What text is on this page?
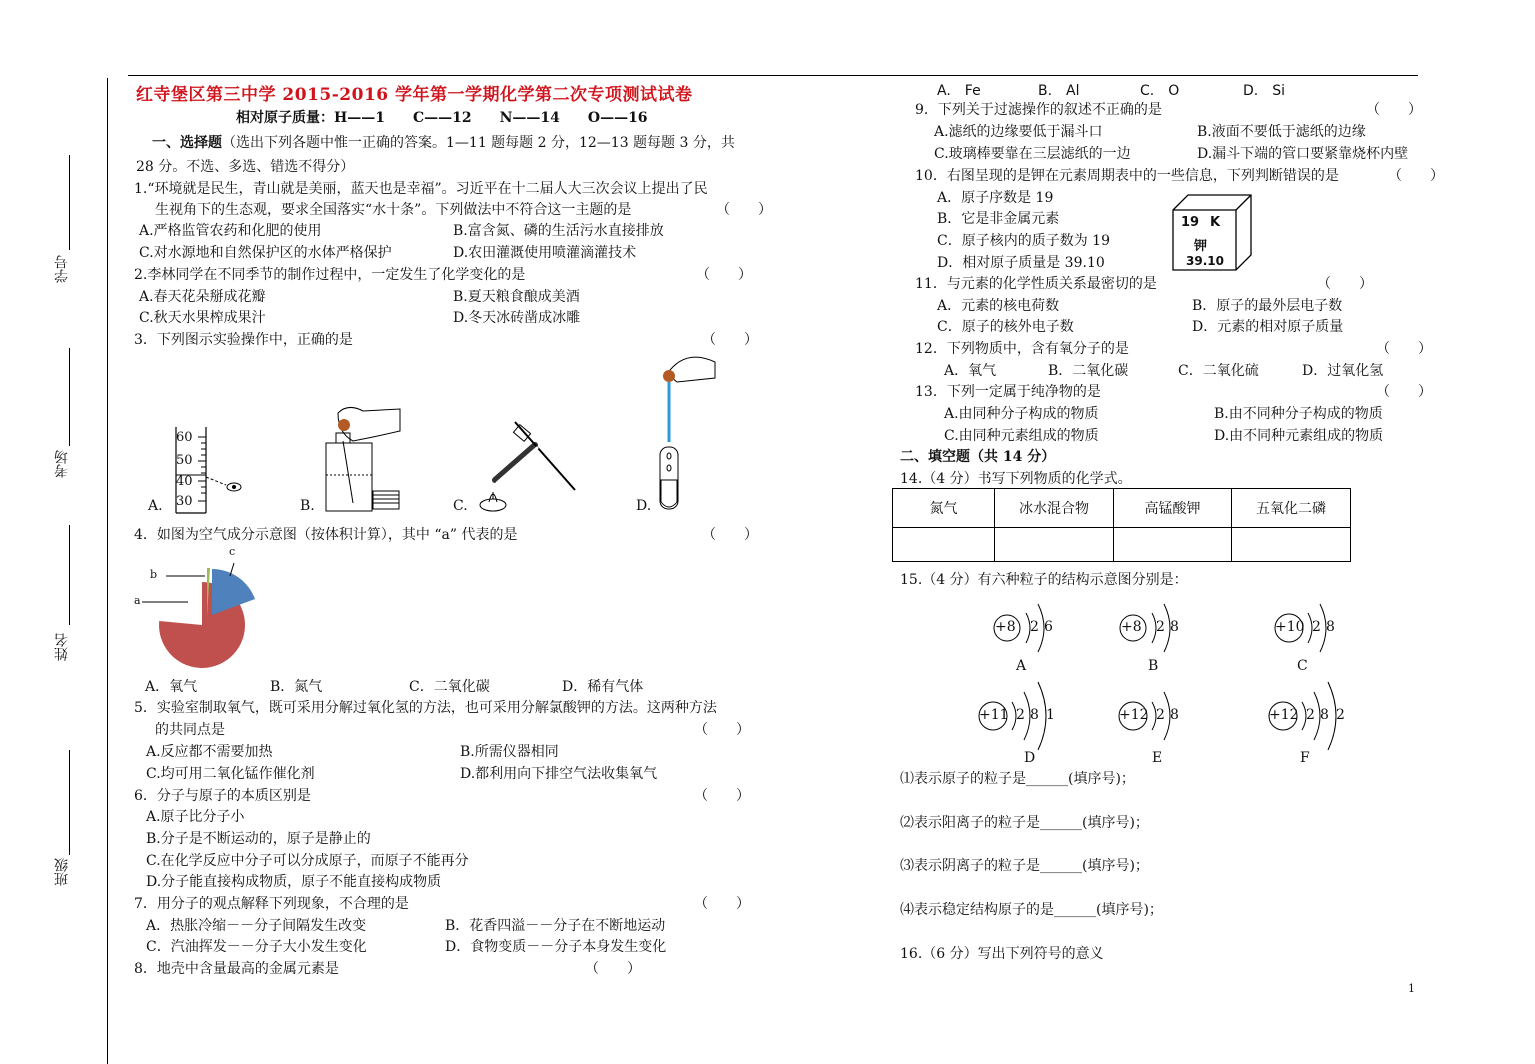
学号
考场
姓名
班级
红寺堡区第三中学 2015-2016 学年第一学期化学第二次专项测试试卷
相对原子质量：H——1　　C——12　　N——14　　O——16
一、选择题（选出下列各题中惟一正确的答案。1—11 题每题 2 分，12—13 题每题 3 分，共
28 分。不选、多选、错选不得分）
1.“环境就是民生，青山就是美丽，蓝天也是幸福”。习近平在十二届人大三次会议上提出了民
生视角下的生态观，要求全国落实“水十条”。下列做法中不符合这一主题的是	（　　）
A.严格监管农药和化肥的使用	B.富含氮、磷的生活污水直接排放
C.对水源地和自然保护区的水体严格保护	D.农田灌溉使用喷灌滴灌技术
2.李林同学在不同季节的制作过程中，一定发生了化学变化的是	（　　）
A.春天花朵掰成花瓣	B.夏天粮食酿成美酒
C.秋天水果榨成果汁	D.冬天冰砖凿成冰雕
3．下列图示实验操作中，正确的是	（　　）
60
50
40
30
A.	B.	C.	D.
4．如图为空气成分示意图（按体积计算），其中 “a” 代表的是	（　　）
a
b
c
A．氧气	B．氮气	C．二氧化碳	D．稀有气体
5．实验室制取氧气，既可采用分解过氧化氢的方法，也可采用分解氯酸钾的方法。这两种方法
的共同点是	（　　）
A.反应都不需要加热	B.所需仪器相同
C.均可用二氧化锰作催化剂	D.都利用向下排空气法收集氧气
6．分子与原子的本质区别是	（　　）
A.原子比分子小
B.分子是不断运动的，原子是静止的
C.在化学反应中分子可以分成原子，而原子不能再分
D.分子能直接构成物质，原子不能直接构成物质
7．用分子的观点解释下列现象，不合理的是	（　　）
A．热胀冷缩－－分子间隔发生改变	B．花香四溢－－分子在不断地运动
C．汽油挥发－－分子大小发生变化	D．食物变质－－分子本身发生变化
8．地壳中含量最高的金属元素是	（　　）
A.　Fe	B.　Al	C.　O	D.　Si
9．下列关于过滤操作的叙述不正确的是	（　　）
A.滤纸的边缘要低于漏斗口	B.液面不要低于滤纸的边缘
C.玻璃棒要靠在三层滤纸的一边	D.漏斗下端的管口要紧靠烧杯内壁
10．右图呈现的是钾在元素周期表中的一些信息，下列判断错误的是	（　　）
A．原子序数是 19
B．它是非金属元素
C．原子核内的质子数为 19
D．相对原子质量是 39.10
19 K
钾
39.10
11．与元素的化学性质关系最密切的是	（　　）
A．元素的核电荷数	B．原子的最外层电子数
C．原子的核外电子数	D．元素的相对原子质量
12．下列物质中，含有氧分子的是	（　　）
A．氧气	B．二氧化碳	C．二氧化硫	D．过氧化氢
13．下列一定属于纯净物的是	（　　）
A.由同种分子构成的物质	B.由不同种分子构成的物质
C.由同种元素组成的物质	D.由不同种元素组成的物质
二、填空题（共 14 分）
14.（4 分）书写下列物质的化学式。
氮气	冰水混合物	高锰酸钾	五氧化二磷

15.（4 分）有六种粒子的结构示意图分别是：
+8 2 6
A
+8 2 8
B
+10 2 8
C
+11 2 8 1
D
+12 2 8
E
+12 2 8 2
F
⑴表示原子的粒子是______(填序号)；
⑵表示阳离子的粒子是______(填序号)；
⑶表示阴离子的粒子是______(填序号)；
⑷表示稳定结构原子的是______(填序号)；
16.（6 分）写出下列符号的意义
1
